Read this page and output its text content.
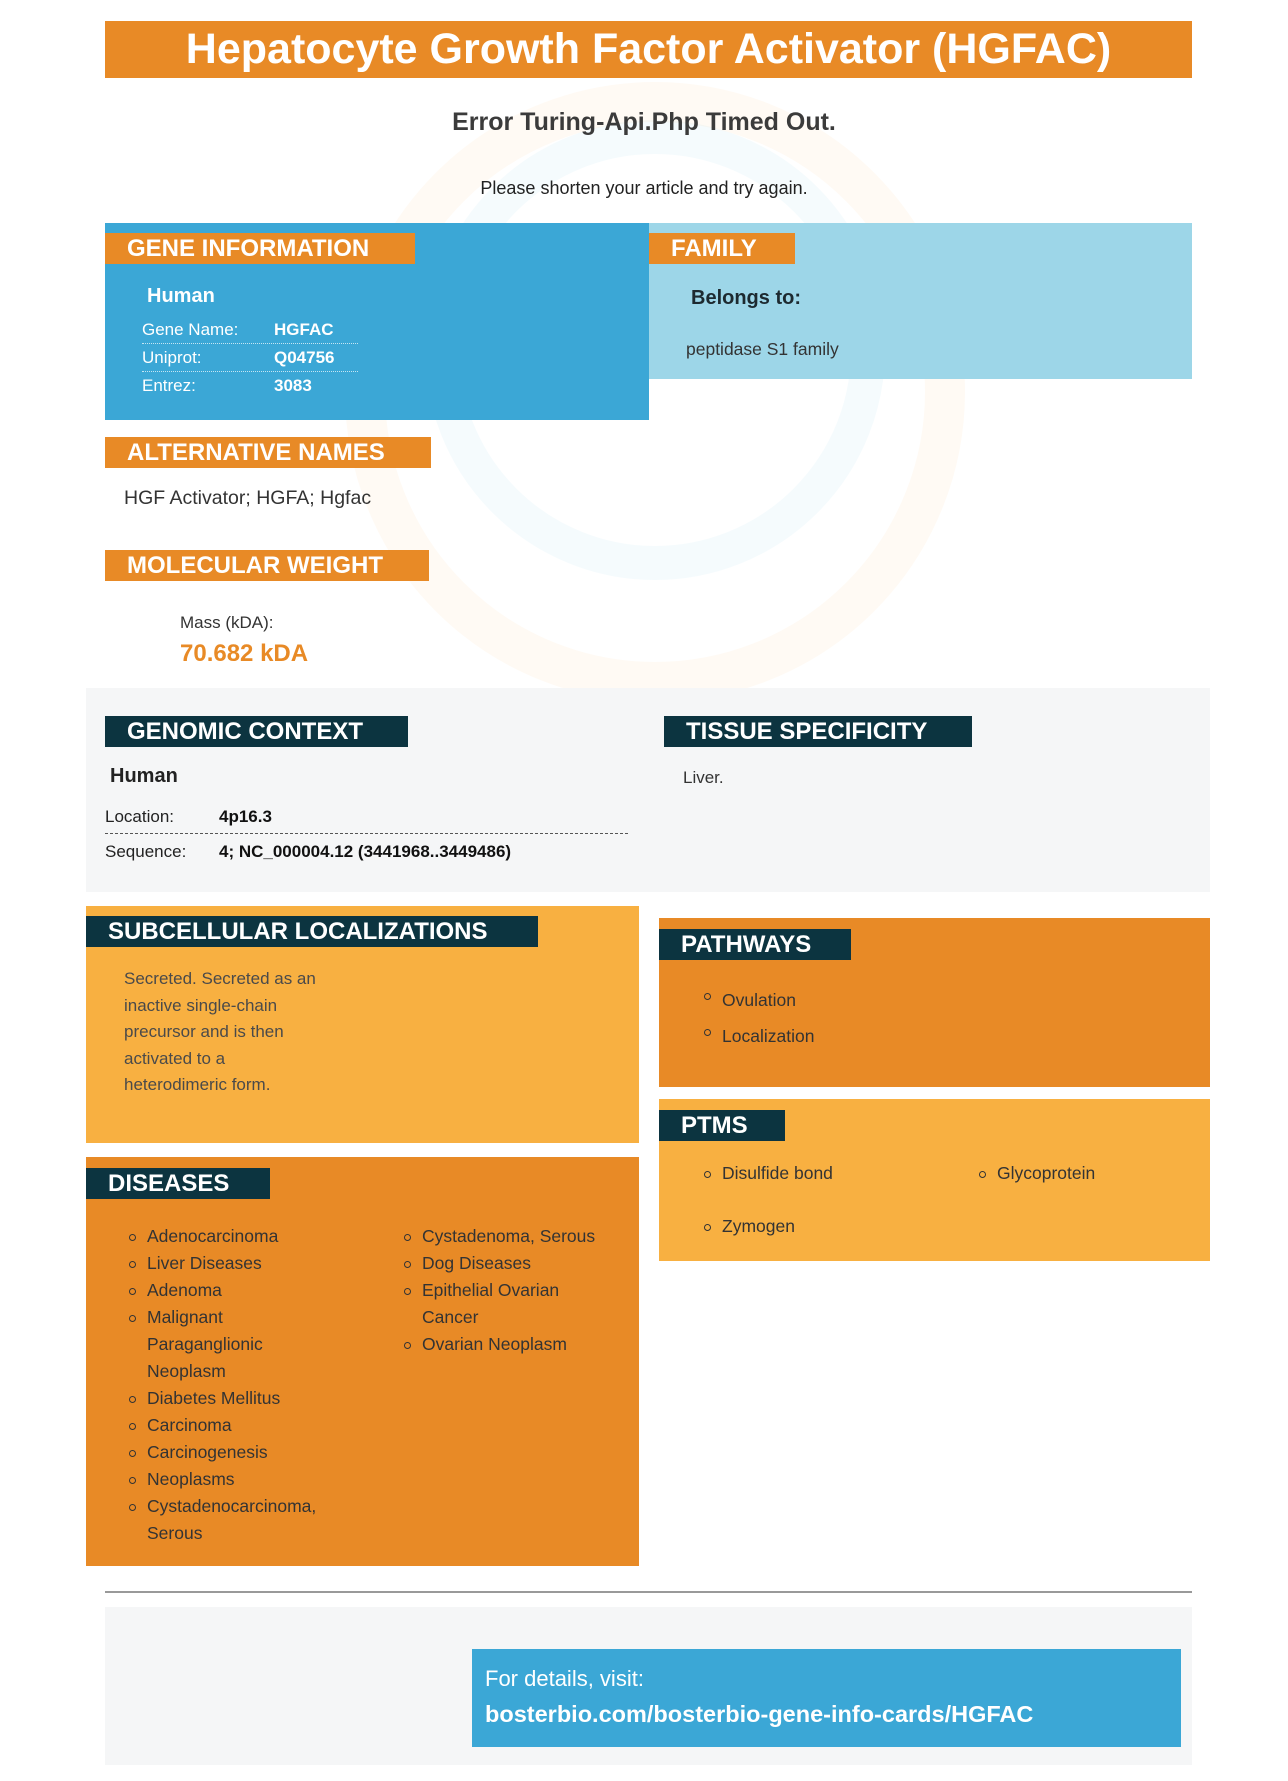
Hepatocyte Growth Factor Activator (HGFAC)
Error Turing-Api.Php Timed Out.
Please shorten your article and try again.
GENE INFORMATION
Human
Gene Name:	HGFAC
Uniprot:	Q04756
Entrez:	3083
FAMILY
Belongs to:
peptidase S1 family
ALTERNATIVE NAMES
HGF Activator; HGFA; Hgfac
MOLECULAR WEIGHT
Mass (kDA):
70.682 kDA
GENOMIC CONTEXT
Human
Location:	4p16.3
Sequence: 4; NC_000004.12 (3441968..3449486)
TISSUE SPECIFICITY
Liver.
SUBCELLULAR LOCALIZATIONS
Secreted. Secreted as an
inactive single-chain
precursor and is then
activated to a
heterodimeric form.
DISEASES
Adenocarcinoma
Liver Diseases
Adenoma
Malignant
Paraganglionic
Neoplasm
Diabetes Mellitus
Carcinoma
Carcinogenesis
Neoplasms
Cystadenocarcinoma,
Serous
Cystadenoma, Serous
Dog Diseases
Epithelial Ovarian
Cancer
Ovarian Neoplasm
PATHWAYS
Ovulation
Localization
PTMS
Disulfide bond
Zymogen
Glycoprotein
For details, visit:
bosterbio.com/bosterbio-gene-info-cards/HGFAC
